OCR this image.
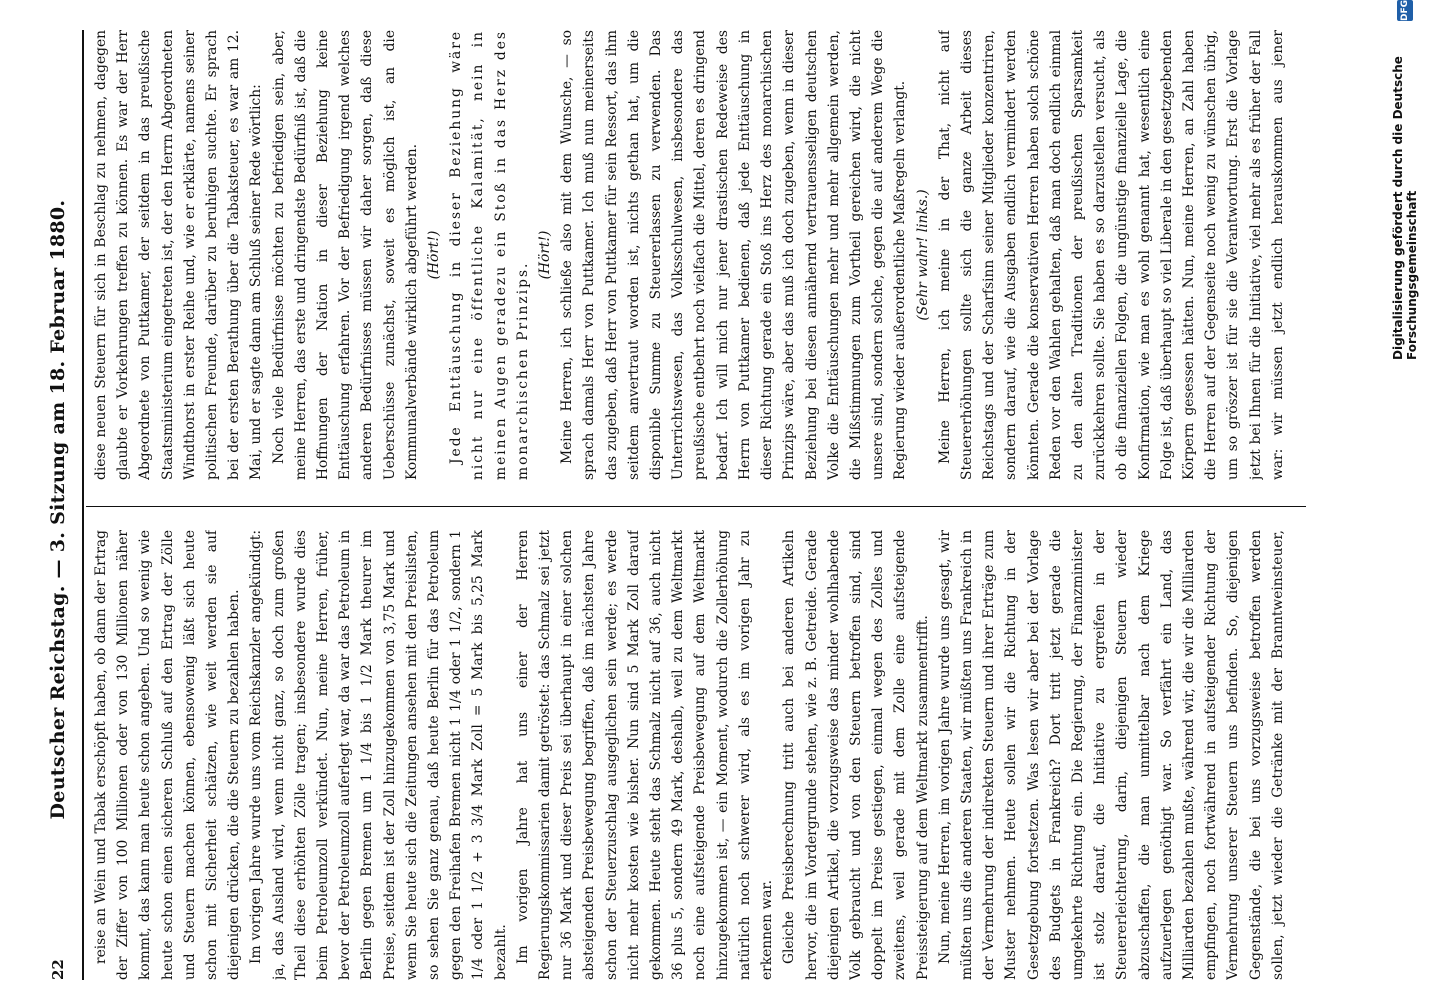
22
Deutscher Reichstag. — 3. Sitzung am 18. Februar 1880. reise an Wein und Tabak erschöpft haben, ob dann der Ertrag der Ziffer von 100 Millionen oder von 130 Millionen näher kommt, das kann man heute schon angeben. Und so wenig wie heute schon einen sicheren Schluß auf den Ertrag der Zölle und Steuern machen können, ebensowenig läßt sich heute schon mit Sicherheit schätzen, wie weit werden sie auf diejenigen drücken, die die Steuern zu bezahlen haben. Im vorigen Jahre wurde uns vom Reichskanzler angekündigt: ja, das Ausland wird, wenn nicht ganz, so doch zum großen Theil diese erhöhten Zölle tragen; insbesondere wurde dies beim Petroleumzoll verkündet. Nun, meine Herren, früher, bevor der Petroleumzoll auferlegt war, da war das Petroleum in Berlin gegen Bremen um 1 1/4 bis 1 1/2 Mark theurer im Preise, seitdem ist der Zoll hinzugekommen von 3,75 Mark und wenn Sie heute sich die Zeitungen ansehen mit den Preislisten, so sehen Sie ganz genau, daß heute Berlin für das Petroleum gegen den Freihafen Bremen nicht 1 1/4 oder 1 1/2, sondern 1 1/4 oder 1 1/2 + 3 3/4 Mark Zoll = 5 Mark bis 5,25 Mark bezahlt. Im vorigen Jahre hat uns einer der Herren Regierungskommissarien damit getröstet: das Schmalz sei jetzt nur 36 Mark und dieser Preis sei überhaupt in einer solchen absteigenden Preisbewegung begriffen, daß im nächsten Jahre schon der Steuerzuschlag ausgeglichen sein werde; es werde nicht mehr kosten wie bisher. Nun sind 5 Mark Zoll darauf gekommen. Heute steht das Schmalz nicht auf 36, auch nicht 36 plus 5, sondern 49 Mark, deshalb, weil zu dem Weltmarkt noch eine aufsteigende Preisbewegung auf dem Weltmarkt hinzugekommen ist, — ein Moment, wodurch die Zollerhöhung natürlich noch schwerer wird, als es im vorigen Jahr zu erkennen war. Gleiche Preisberechnung tritt auch bei anderen Artikeln hervor, die im Vordergrunde stehen, wie z. B. Getreide. Gerade diejenigen Artikel, die vorzugsweise das minder wohlhabende Volk gebraucht und von den Steuern betroffen sind, sind doppelt im Preise gestiegen, einmal wegen des Zolles und zweitens, weil gerade mit dem Zolle eine aufsteigende Preissteigerung auf dem Weltmarkt zusammentrifft. Nun, meine Herren, im vorigen Jahre wurde uns gesagt, wir müßten uns die anderen Staaten, wir müßten uns Frankreich in der Vermehrung der indirekten Steuern und ihrer Erträge zum Muster nehmen. Heute sollen wir die Richtung in der Gesetzgebung fortsetzen. Was lesen wir aber bei der Vorlage des Budgets in Frankreich? Dort tritt jetzt gerade die umgekehrte Richtung ein. Die Regierung, der Finanzminister ist stolz darauf, die Initiative zu ergreifen in der Steuererleichterung, darin, diejenigen Steuern wieder abzuschaffen, die man unmittelbar nach dem Kriege aufzuerlegen genöthigt war. So verfährt ein Land, das Milliarden bezahlen mußte, während wir, die wir die Milliarden empfingen, noch fortwährend in aufsteigender Richtung der Vermehrung unserer Steuern uns befinden. So, diejenigen Gegenstände, die bei uns vorzugsweise betroffen werden sollen, jetzt wieder die Getränke mit der Branntweinsteuer,

diese neuen Steuern für sich in Beschlag zu nehmen, dagegen glaubte er Vorkehrungen treffen zu können. Es war der Herr Abgeordnete von Puttkamer, der seitdem in das preußische Staatsministerium eingetreten ist, der den Herrn Abgeordneten Windthorst in erster Reihe und, wie er erklärte, namens seiner politischen Freunde, darüber zu beruhigen suchte. Er sprach bei der ersten Berathung über die Tabaksteuer, es war am 12. Mai, und er sagte dann am Schluß seiner Rede wörtlich: Noch viele Bedürfnisse möchten zu befriedigen sein, aber, meine Herren, das erste und dringendste Bedürfniß ist, daß die Hoffnungen der Nation in dieser Beziehung keine Enttäuschung erfahren. Vor der Befriedigung irgend welches anderen Bedürfnisses müssen wir daher sorgen, daß diese Ueberschüsse zunächst, soweit es möglich ist, an die Kommunalverbände wirklich abgeführt werden. (Hört!) Jede Enttäuschung in dieser Beziehung wäre nicht nur eine öffentliche Kalamität, nein in meinen Augen geradezu ein Stoß in das Herz des monarchischen Prinzips.

(Hört!) Meine Herren, ich schließe also mit dem Wunsche, — so sprach damals Herr von Puttkamer. Ich muß nun meinerseits das zugeben, daß Herr von Puttkamer für sein Ressort, das ihm seitdem anvertraut worden ist, nichts gethan hat, um die disponible Summe zu Steuererlassen zu verwenden. Das Unterrichtswesen, das Volksschulwesen, insbesondere das preußische entbehrt noch vielfach die Mittel, deren es dringend bedarf. Ich will mich nur jener drastischen Redeweise des Herrn von Puttkamer bedienen, daß jede Enttäuschung in dieser Richtung gerade ein Stoß ins Herz des monarchischen Prinzips wäre, aber das muß ich doch zugeben, wenn in dieser Beziehung bei diesen annähernd vertrauensseligen deutschen Volke die Enttäuschungen mehr und mehr allgemein werden, die Mißstimmungen zum Vortheil gereichen wird, die nicht unsere sind, sondern solche, gegen die auf anderem Wege die Regierung wieder außerordentliche Maßregeln verlangt. (Sehr wahr! links.)

Meine Herren, ich meine in der That, nicht auf Steuererhöhungen sollte sich die ganze Arbeit dieses Reichstags und der Scharfsinn seiner Mitglieder konzentriren, sondern darauf, wie die Ausgaben endlich vermindert werden könnten. Gerade die konservativen Herren haben solch schöne Reden vor den Wahlen gehalten, daß man doch endlich einmal zu den alten Traditionen der preußischen Sparsamkeit zurückkehren sollte. Sie haben es so darzustellen versucht, als ob die finanziellen Folgen, die ungünstige finanzielle Lage, die Konfirmation, wie man es wohl genannt hat, wesentlich eine Folge ist, daß überhaupt so viel Liberale in den gesetzgebenden Körpern gesessen hätten. Nun, meine Herren, an Zahl haben die Herren auf der Gegenseite noch wenig zu wünschen übrig, um so gröszer ist für sie die Verantwortung. Erst die Vorlage jetzt bei Ihnen für die Initiative, viel mehr als es früher der Fall war: wir müssen jetzt endlich herauskommen aus jener

Digitalisierung gefördert durch die Deutsche Forschungsgemeinschaft
DFG
